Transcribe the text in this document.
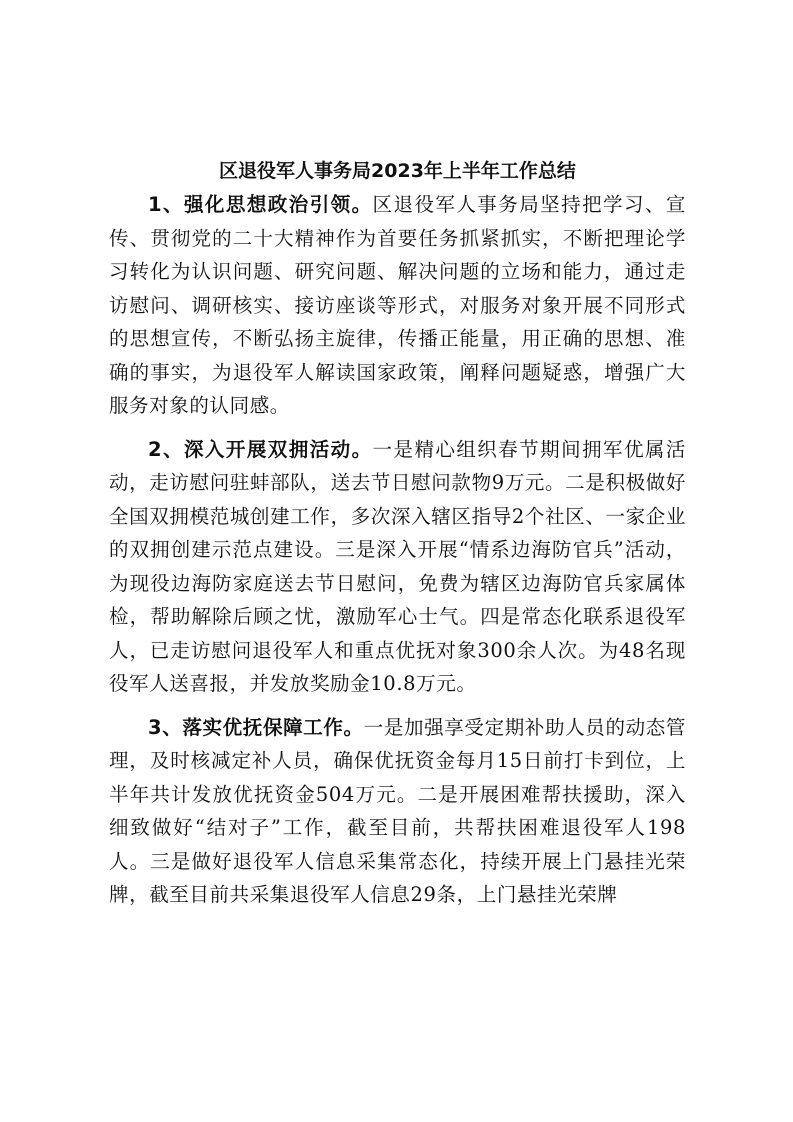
区退役军人事务局2023年上半年工作总结

1、强化思想政治引领。区退役军人事务局坚持把学习、宣传、贯彻党的二十大精神作为首要任务抓紧抓实，不断把理论学习转化为认识问题、研究问题、解决问题的立场和能力，通过走访慰问、调研核实、接访座谈等形式，对服务对象开展不同形式的思想宣传，不断弘扬主旋律，传播正能量，用正确的思想、准确的事实，为退役军人解读国家政策，阐释问题疑惑，增强广大服务对象的认同感。

2、深入开展双拥活动。一是精心组织春节期间拥军优属活动，走访慰问驻蚌部队，送去节日慰问款物9万元。二是积极做好全国双拥模范城创建工作，多次深入辖区指导2个社区、一家企业的双拥创建示范点建设。三是深入开展“情系边海防官兵”活动，为现役边海防家庭送去节日慰问，免费为辖区边海防官兵家属体检，帮助解除后顾之忧，激励军心士气。四是常态化联系退役军人，已走访慰问退役军人和重点优抚对象300余人次。为48名现役军人送喜报，并发放奖励金10.8万元。

3、落实优抚保障工作。一是加强享受定期补助人员的动态管理，及时核减定补人员，确保优抚资金每月15日前打卡到位，上半年共计发放优抚资金504万元。二是开展困难帮扶援助，深入细致做好“结对子”工作，截至目前，共帮扶困难退役军人198人。三是做好退役军人信息采集常态化，持续开展上门悬挂光荣牌，截至目前共采集退役军人信息29条，上门悬挂光荣牌
